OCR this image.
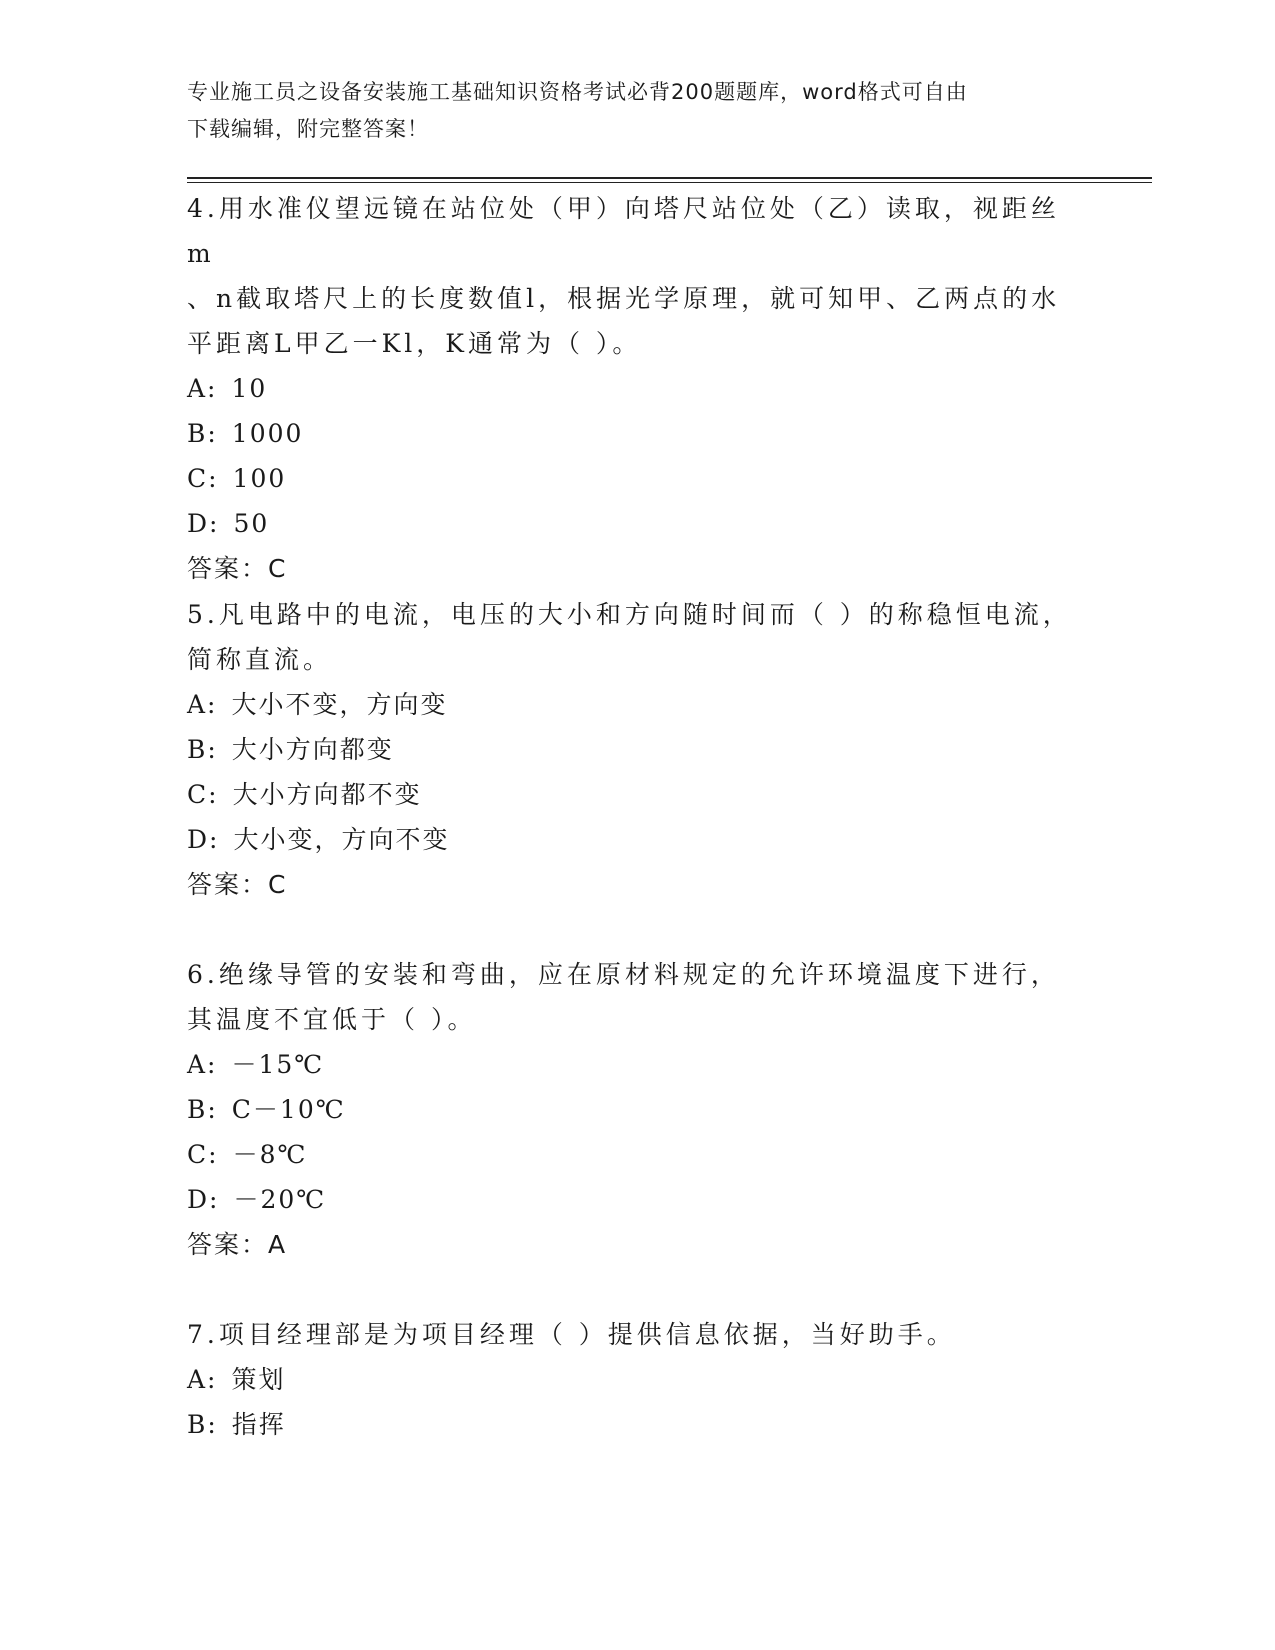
专业施工员之设备安装施工基础知识资格考试必背200题题库，word格式可自由
下载编辑，附完整答案！

4.用水准仪望远镜在站位处（甲）向塔尺站位处（乙）读取，视距丝m

、n截取塔尺上的长度数值l，根据光学原理，就可知甲、乙两点的水

平距离L甲乙一Kl，K通常为（ ）。

A: 10

B: 1000

C: 100

D: 50

答案：C

5.凡电路中的电流，电压的大小和方向随时间而（ ）的称稳恒电流，

简称直流。

A: 大小不变，方向变

B: 大小方向都变

C: 大小方向都不变

D: 大小变，方向不变

答案：C

6.绝缘导管的安装和弯曲，应在原材料规定的允许环境温度下进行，

其温度不宜低于（ ）。

A: －15℃

B: C－10℃

C: －8℃

D: －20℃

答案：A

7.项目经理部是为项目经理（ ）提供信息依据，当好助手。

A: 策划

B: 指挥
